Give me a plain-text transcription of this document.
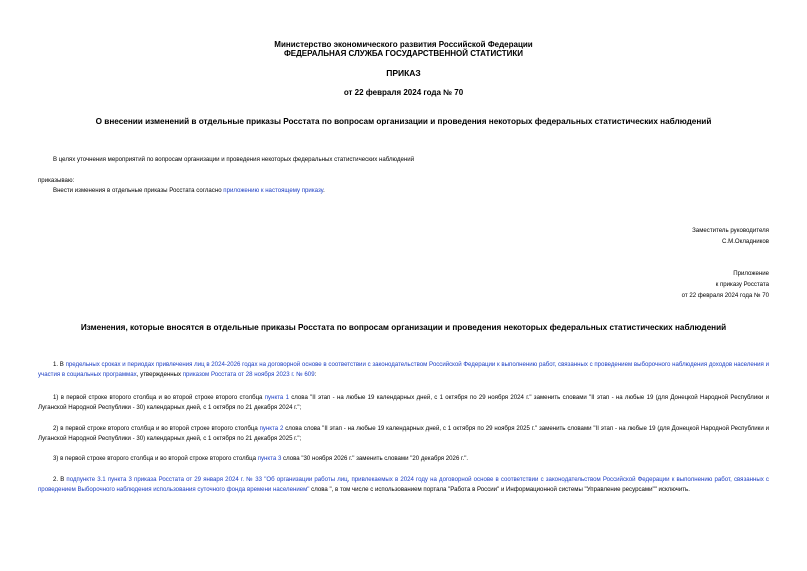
Министерство экономического развития Российской Федерации
ФЕДЕРАЛЬНАЯ СЛУЖБА ГОСУДАРСТВЕННОЙ СТАТИСТИКИ
ПРИКАЗ
от 22 февраля 2024 года № 70
О внесении изменений в отдельные приказы Росстата по вопросам организации и проведения некоторых федеральных статистических наблюдений
В целях уточнения мероприятий по вопросам организации и проведения некоторых федеральных статистических наблюдений
приказываю:
Внести изменения в отдельные приказы Росстата согласно приложению к настоящему приказу.
Заместитель руководителя
С.М.Окладников
Приложение
к приказу Росстата
от 22 февраля 2024 года № 70
Изменения, которые вносятся в отдельные приказы Росстата по вопросам организации и проведения некоторых федеральных статистических наблюдений
1. В предельных сроках и периодах привлечения лиц в 2024-2026 годах на договорной основе в соответствии с законодательством Российской Федерации к выполнению работ, связанных с проведением выборочного наблюдения доходов населения и участия в социальных программах, утвержденных приказом Росстата от 28 ноября 2023 г. № 609:
1) в первой строке второго столбца и во второй строке второго столбца пункта 1 слова "II этап - на любые 19 календарных дней, с 1 октября по 29 ноября 2024 г." заменить словами "II этап - на любые 19 (для Донецкой Народной Республики и Луганской Народной Республики - 30) календарных дней, с 1 октября по 21 декабря 2024 г.";
2) в первой строке второго столбца и во второй строке второго столбца пункта 2 слова слова "II этап - на любые 19 календарных дней, с 1 октября по 29 ноября 2025 г." заменить словами "II этап - на любые 19 (для Донецкой Народной Республики и Луганской Народной Республики - 30) календарных дней, с 1 октября по 21 декабря 2025 г.";
3) в первой строке второго столбца и во второй строке второго столбца пункта 3 слова "30 ноября 2026 г." заменить словами "20 декабря 2026 г.".
2. В подпункте 3.1 пункта 3 приказа Росстата от 29 января 2024 г. № 33 "Об организации работы лиц, привлекаемых в 2024 году на договорной основе в соответствии с законодательством Российской Федерации к выполнению работ, связанных с проведением Выборочного наблюдения использования суточного фонда времени населением" слова ", в том числе с использованием портала "Работа в России" и Информационной системы "Управление ресурсами"" исключить.
